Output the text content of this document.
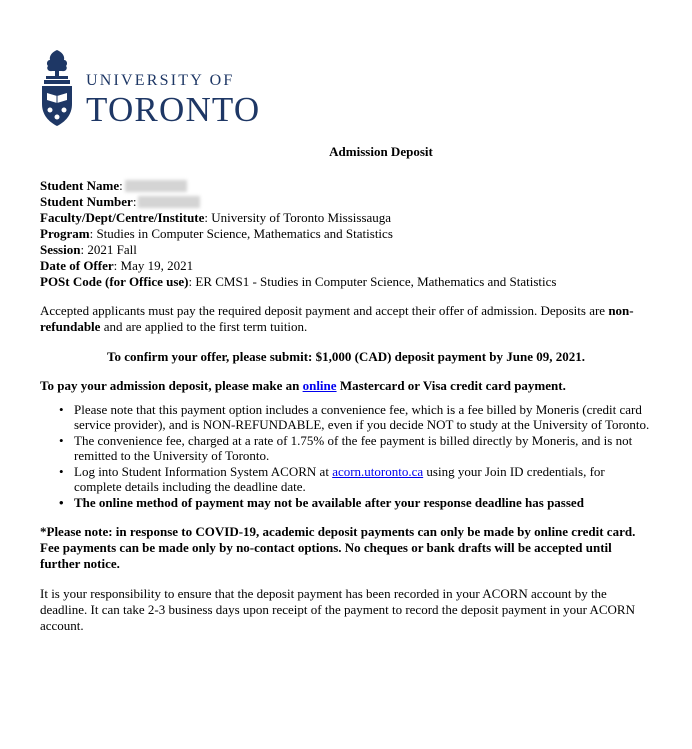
UNIVERSITY OF
TORONTO
Admission Deposit
Student Name:
Student Number:
Faculty/Dept/Centre/Institute: University of Toronto Mississauga
Program: Studies in Computer Science, Mathematics and Statistics
Session: 2021 Fall
Date of Offer: May 19, 2021
POSt Code (for Office use): ER CMS1 - Studies in Computer Science, Mathematics and Statistics
Accepted applicants must pay the required deposit payment and accept their offer of admission. Deposits are non-refundable and are applied to the first term tuition.
To confirm your offer, please submit: $1,000 (CAD) deposit payment by June 09, 2021.
To pay your admission deposit, please make an online Mastercard or Visa credit card payment.
• Please note that this payment option includes a convenience fee, which is a fee billed by Moneris (credit card service provider), and is NON-REFUNDABLE, even if you decide NOT to study at the University of Toronto.
• The convenience fee, charged at a rate of 1.75% of the fee payment is billed directly by Moneris, and is not remitted to the University of Toronto.
• Log into Student Information System ACORN at acorn.utoronto.ca using your Join ID credentials, for complete details including the deadline date.
• The online method of payment may not be available after your response deadline has passed
*Please note: in response to COVID-19, academic deposit payments can only be made by online credit card. Fee payments can be made only by no-contact options. No cheques or bank drafts will be accepted until further notice.
It is your responsibility to ensure that the deposit payment has been recorded in your ACORN account by the deadline. It can take 2-3 business days upon receipt of the payment to record the deposit payment in your ACORN account.
